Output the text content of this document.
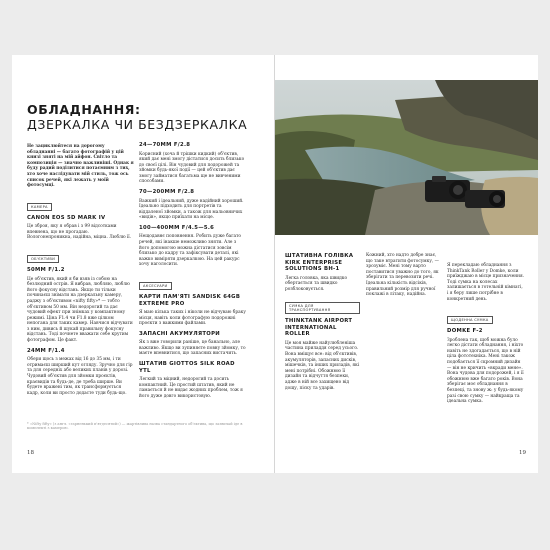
ОБЛАДНАННЯ:
ДЗЕРКАЛКА ЧИ БЕЗДЗЕРКАЛКА

Не зациклюйтеся на дорогому обладнанні — багато фотографій у цій книзі зняті на мій айфон. Світло та композиція — значно важливіші. Однак я буду радий поділитися потаємним з тих, хто хоче наслідувати мій стиль, тож ось список речей, які лежать у моїй фотосумці.

КАМЕРА
CANON EOS 5D MARK IV

Це зброя, яку я обрав і з 99 відсотками впевнена, що не прогадаю. Вологонепроникна, надійна, міцна. Люблю її.

ОБ'ЄКТИВИ
50MM F/1.2

Це об'єктив, який я би взяв із собою на безлюдний острів. Я вибрав, любляю, люблю його фокусну відстань. Якщо ти тільки починаєш знімати на дзеркальну камеру, раджу з об'єктивом «nifty fifty»* — тобто об'єктивом 50 мм. Він недорогий та дає чудовий ефект при знімках у компактному режимі. Ціна F1.4 чи F1.8 вже цілком непогана для таких камер. Навчися відчувати з ним, дивись й шукай правильну фокусну відстань. Тоді почнете вважати себе крутим фотографом. Це факт.

24MM F/1.4

Обери щось з межах від 16 до 35 мм, і ти отримаєш ширший кут огляду. Зручно для гір та для середніх або великих планів у дорозі. Чудовий об'єктив для зйомки проєктів, краєвидів та будь-де, де треба ширше. Ви будете вражені тим, як трансформується кадр, коли ви просто додасте туди будь-що.

24—70MM F/2.8

Корисний (хоча й трішки кидкий) об'єктив, який дає мені змогу дістатися досить близько до своєї цілі. Він чудовий для подорожей та зйомки будь-якої події — цей об'єктив дає змогу займатися багатьма ще не вивченими способами.

70—200MM F/2.8

Важкий і ідеальний, дуже надійний хороший. Ідеально підходить для портретів та віддаленої зйомки, а також для мальовничих «видів», якщо приїхати на місце.

100—400MM F/4.5—5.6

Нещодавнє поповнення. Робить дуже багато речей, які інакше неможливо зняти. Але з його допомогою можна дістатися зовсім близько до кадру та зафіксувати деталі, які важко виміряти дзеркалкою. На цей ракурс хочу наголосити.

АКСЕСУАРИ
КАРТИ ПАМ'ЯТІ SANDISK 64GB EXTREME PRO

Я маю кілька таких і ніколи не відчуваю браку місця, навіть коли фотографую подорожні проєкти з важкими файлами.

ЗАПАСНІ АКУМУЛЯТОРИ

Як з вже говорили раніше, це банально, але важливо. Якщо ви зупиняєте повну зйомку, то маєте впевнитися, що запасних вистачить.

ШТАТИВ GIOTTOS SILK ROAD YTL

Легкий та міцний, недорогий та досить компактний. Це простий штатив, який не ламається й не видає жодних проблем, тож я його дуже довго використовую.

* «Nifty fifty» (з англ. «гарненький п'ятдесятий») — жартівлива назва стандартного об'єктива, що зазвичай іде в комплекті з камерою.
18
ШТАТИВНА ГОЛІВКА KIRK ENTERPRISE SOLUTIONS BH-1

Легка головка, яка швидко обертається та швидко розблоковується.

СУМКА ДЛЯ ТРАНСПОРТУВАННЯ
THINKTANK AIRPORT INTERNATIONAL ROLLER

Це моя майже найулюбленіша частина приладдя серед усього. Вона вміщує все: від об'єктивів, акумуляторів, запасних дисків, мішечків, та інших приладів, які мені потрібні. Обожнюю її дизайн та відчуття безпеки, адже в ній все захищено від дощу, піску та ударів.

Кожний, хто надто добре знає, що таке втратити фотосумку, — зрозуміє. Мені тому варто поставитися уважно до того, як зберігати та перевозити речі. Ідеальна кількість відсіків, правильний розмір для ручної поклажі в літаку, надійна.

Я перекладаю обладнання з ThinkTank Roller у Domke, коли приїжджаю в місце призначення. Тоді сумка на колесах залишається в готельній кімнаті, і я беру лише потрібне в конкретний день.

ЩОДЕННА СУМКА
DOMKE F-2

Зроблена так, щоб можна було легко дістати обладнання, і ніхто навіть не здогадається, що в ній ціла фототехніка. Мені також подобається її скромний дизайн — він не кричить «вкради мене». Вона чудова для подорожей, і я її обожнюю вже багато років. Вона зберігає моє обладнання в безпеці, та знову ж: у будь-якому разі свою сумку — найкраща та ідеальна сумка.

19
